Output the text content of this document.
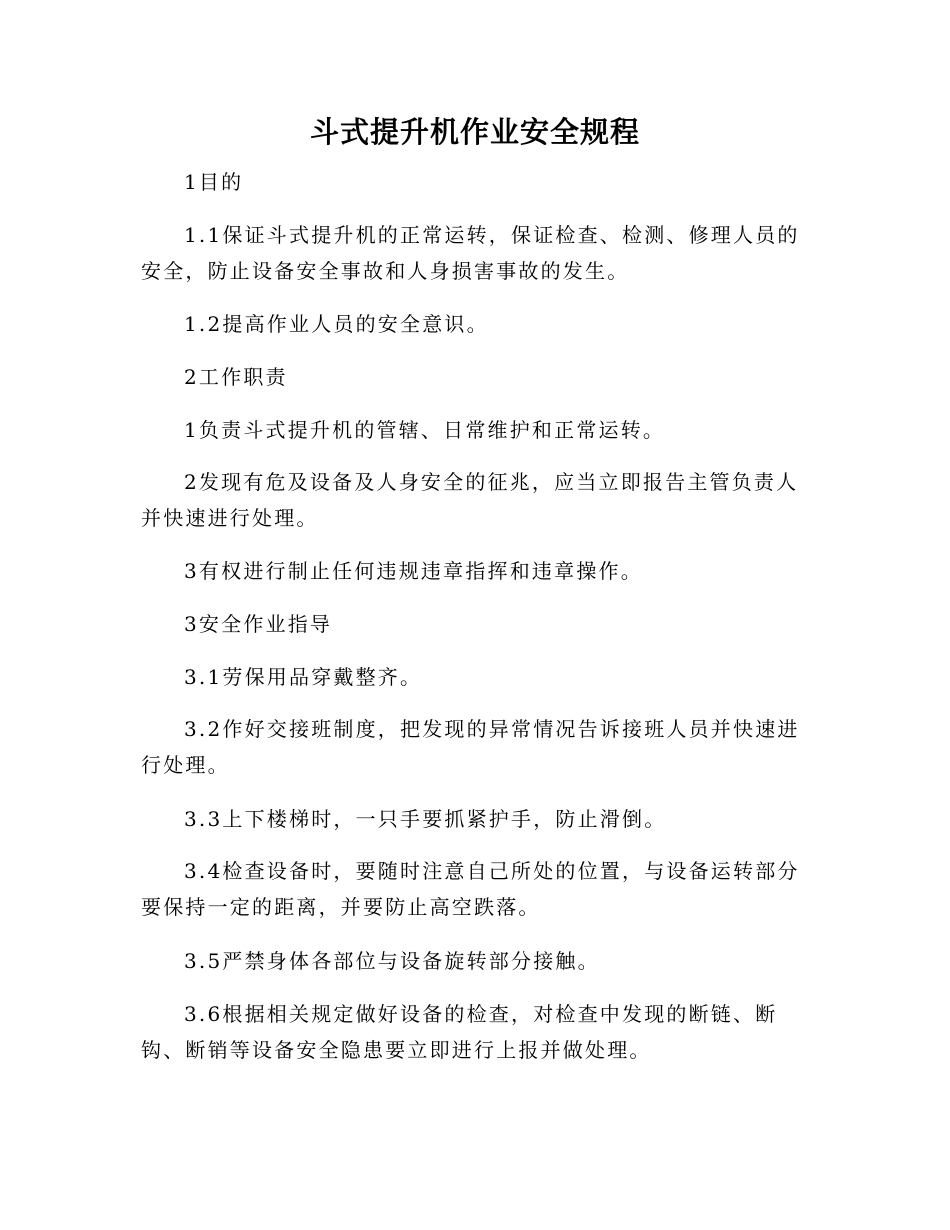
斗式提升机作业安全规程

1目的

1.1保证斗式提升机的正常运转，保证检查、检测、修理人员的安全，防止设备安全事故和人身损害事故的发生。

1.2提高作业人员的安全意识。

2工作职责

1负责斗式提升机的管辖、日常维护和正常运转。

2发现有危及设备及人身安全的征兆，应当立即报告主管负责人并快速进行处理。

3有权进行制止任何违规违章指挥和违章操作。

3安全作业指导

3.1劳保用品穿戴整齐。

3.2作好交接班制度，把发现的异常情况告诉接班人员并快速进行处理。

3.3上下楼梯时，一只手要抓紧护手，防止滑倒。

3.4检查设备时，要随时注意自己所处的位置，与设备运转部分要保持一定的距离，并要防止高空跌落。

3.5严禁身体各部位与设备旋转部分接触。

3.6根据相关规定做好设备的检查，对检查中发现的断链、断钩、断销等设备安全隐患要立即进行上报并做处理。
